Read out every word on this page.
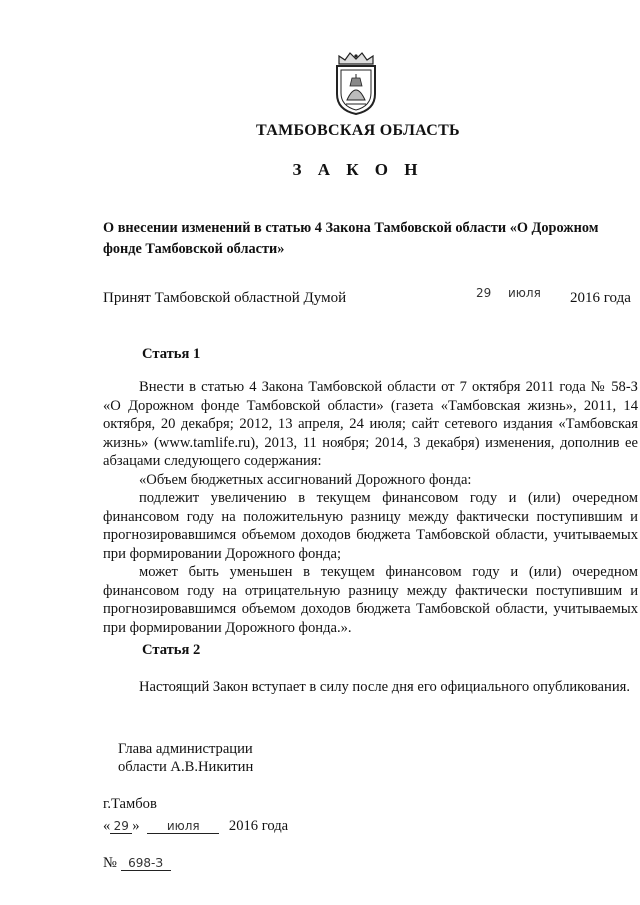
ТАМБОВСКАЯ ОБЛАСТЬ
З А К О Н
О внесении изменений в статью 4 Закона Тамбовской области «О Дорожном фонде Тамбовской области»
Принят Тамбовской областной Думой	29 июля 2016 года
Статья 1

Внести в статью 4 Закона Тамбовской области от 7 октября 2011 года № 58-З «О Дорожном фонде Тамбовской области» (газета «Тамбовская жизнь», 2011, 14 октября, 20 декабря; 2012, 13 апреля, 24 июля; сайт сетевого издания «Тамбовская жизнь» (www.tamlife.ru), 2013, 11 ноября; 2014, 3 декабря) изменения, дополнив ее абзацами следующего содержания:

«Объем бюджетных ассигнований Дорожного фонда:

подлежит увеличению в текущем финансовом году и (или) очередном финансовом году на положительную разницу между фактически поступившим и прогнозировавшимся объемом доходов бюджета Тамбовской области, учитываемых при формировании Дорожного фонда;

может быть уменьшен в текущем финансовом году и (или) очередном финансовом году на отрицательную разницу между фактически поступившим и прогнозировавшимся объемом доходов бюджета Тамбовской области, учитываемых при формировании Дорожного фонда.».

Статья 2

Настоящий Закон вступает в силу после дня его официального опубликования.

Глава администрации
области А.В.Никитин
г.Тамбов
« 29 » июля 2016 года
№ 698-З
